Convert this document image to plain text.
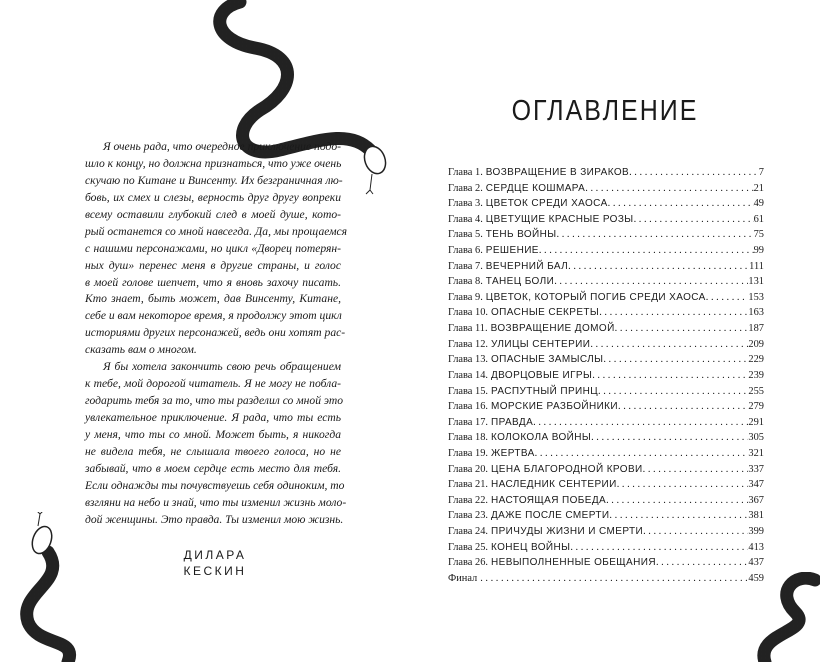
Я очень рада, что очередное приключение подо-
шло к концу, но должна признаться, что уже очень
скучаю по Китане и Винсенту. Их безграничная лю-
бовь, их смех и слезы, верность друг другу вопреки
всему оставили глубокий след в моей душе, кото-
рый останется со мной навсегда. Да, мы прощаемся
с нашими персонажами, но цикл «Дворец потерян-
ных душ» перенес меня в другие страны, и голос
в моей голове шепчет, что я вновь захочу писать.
Кто знает, быть может, дав Винсенту, Китане,
себе и вам некоторое время, я продолжу этот цикл
историями других персонажей, ведь они хотят рас-
сказать вам о многом.
Я бы хотела закончить свою речь обращением
к тебе, мой дорогой читатель. Я не могу не побла-
годарить тебя за то, что ты разделил со мной это
увлекательное приключение. Я рада, что ты есть
у меня, что ты со мной. Может быть, я никогда
не видела тебя, не слышала твоего голоса, но не
забывай, что в моем сердце есть место для тебя.
Если однажды ты почувствуешь себя одиноким, то
взгляни на небо и знай, что ты изменил жизнь моло-
дой женщины. Это правда. Ты изменил мою жизнь.
ДИЛАРА КЕСКИН
ОГЛАВЛЕНИЕ
Глава 1. ВОЗВРАЩЕНИЕ В ЗИРАКОВ . . .	7
Глава 2. СЕРДЦЕ КОШМАРА . . .	21
Глава 3. ЦВЕТОК СРЕДИ ХАОСА . . .	49
Глава 4. ЦВЕТУЩИЕ КРАСНЫЕ РОЗЫ . . .	61
Глава 5. ТЕНЬ ВОЙНЫ . . .	75
Глава 6. РЕШЕНИЕ . . .	99
Глава 7. ВЕЧЕРНИЙ БАЛ . . .	111
Глава 8. ТАНЕЦ БОЛИ . . .	131
Глава 9. ЦВЕТОК, КОТОРЫЙ ПОГИБ СРЕДИ ХАОСА . . .	153
Глава 10. ОПАСНЫЕ СЕКРЕТЫ . . .	163
Глава 11. ВОЗВРАЩЕНИЕ ДОМОЙ . . .	187
Глава 12. УЛИЦЫ СЕНТЕРИИ . . .	209
Глава 13. ОПАСНЫЕ ЗАМЫСЛЫ . . .	229
Глава 14. ДВОРЦОВЫЕ ИГРЫ . . .	239
Глава 15. РАСПУТНЫЙ ПРИНЦ . . .	255
Глава 16. МОРСКИЕ РАЗБОЙНИКИ . . .	279
Глава 17. ПРАВДА . . .	291
Глава 18. КОЛОКОЛА ВОЙНЫ . . .	305
Глава 19. ЖЕРТВА . . .	321
Глава 20. ЦЕНА БЛАГОРОДНОЙ КРОВИ . . .	337
Глава 21. НАСЛЕДНИК СЕНТЕРИИ . . .	347
Глава 22. НАСТОЯЩАЯ ПОБЕДА . . .	367
Глава 23. ДАЖЕ ПОСЛЕ СМЕРТИ . . .	381
Глава 24. ПРИЧУДЫ ЖИЗНИ И СМЕРТИ . . .	399
Глава 25. КОНЕЦ ВОЙНЫ . . .	413
Глава 26. НЕВЫПОЛНЕННЫЕ ОБЕЩАНИЯ . . .	437
Финал . . .	459
